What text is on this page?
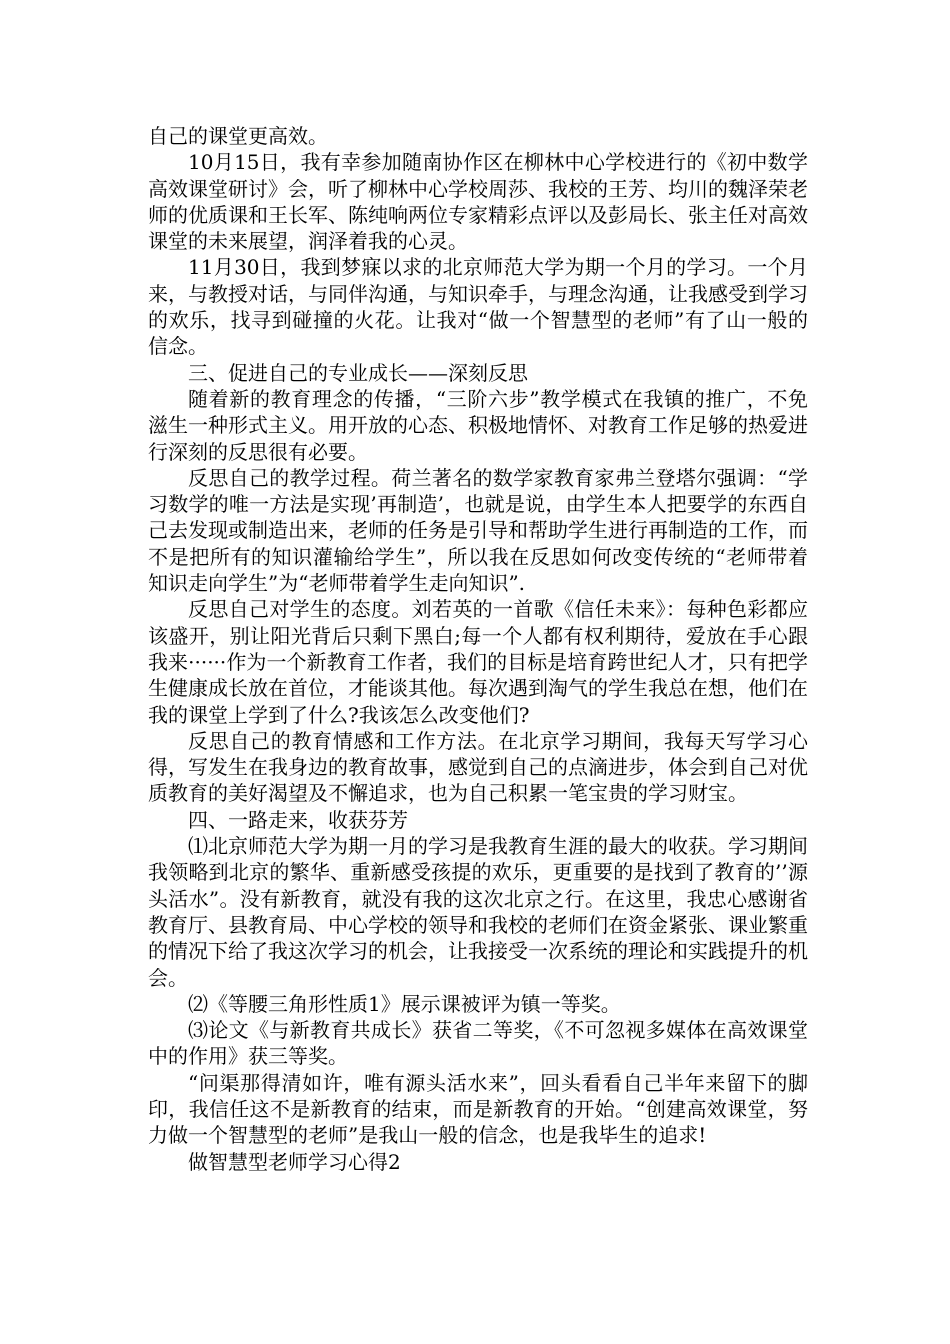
自己的课堂更高效。

10月15日，我有幸参加随南协作区在柳林中心学校进行的《初中数学高效课堂研讨》会，听了柳林中心学校周莎、我校的王芳、均川的魏泽荣老师的优质课和王长军、陈纯响两位专家精彩点评以及彭局长、张主任对高效课堂的未来展望，润泽着我的心灵。

11月30日，我到梦寐以求的北京师范大学为期一个月的学习。一个月来，与教授对话，与同伴沟通，与知识牵手，与理念沟通，让我感受到学习的欢乐，找寻到碰撞的火花。让我对“做一个智慧型的老师”有了山一般的信念。

三、促进自己的专业成长——深刻反思

随着新的教育理念的传播，“三阶六步”教学模式在我镇的推广，不免滋生一种形式主义。用开放的心态、积极地情怀、对教育工作足够的热爱进行深刻的反思很有必要。

反思自己的教学过程。荷兰著名的数学家教育家弗兰登塔尔强调：“学习数学的唯一方法是实现’再制造’，也就是说，由学生本人把要学的东西自己去发现或制造出来，老师的任务是引导和帮助学生进行再制造的工作，而不是把所有的知识灌输给学生”，所以我在反思如何改变传统的“老师带着知识走向学生”为“老师带着学生走向知识”.

反思自己对学生的态度。刘若英的一首歌《信任未来》：每种色彩都应该盛开，别让阳光背后只剩下黑白;每一个人都有权利期待，爱放在手心跟我来······作为一个新教育工作者，我们的目标是培育跨世纪人才，只有把学生健康成长放在首位，才能谈其他。每次遇到淘气的学生我总在想，他们在我的课堂上学到了什么?我该怎么改变他们?

反思自己的教育情感和工作方法。在北京学习期间，我每天写学习心得，写发生在我身边的教育故事，感觉到自己的点滴进步，体会到自己对优质教育的美好渴望及不懈追求，也为自己积累一笔宝贵的学习财宝。

四、一路走来，收获芬芳

⑴北京师范大学为期一月的学习是我教育生涯的最大的收获。学习期间我领略到北京的繁华、重新感受孩提的欢乐，更重要的是找到了教育的’’源头活水”。没有新教育，就没有我的这次北京之行。在这里，我忠心感谢省教育厅、县教育局、中心学校的领导和我校的老师们在资金紧张、课业繁重的情况下给了我这次学习的机会，让我接受一次系统的理论和实践提升的机会。

⑵《等腰三角形性质1》展示课被评为镇一等奖。

⑶论文《与新教育共成长》获省二等奖，《不可忽视多媒体在高效课堂中的作用》获三等奖。

“问渠那得清如许，唯有源头活水来”，回头看看自己半年来留下的脚印，我信任这不是新教育的结束，而是新教育的开始。“创建高效课堂，努力做一个智慧型的老师”是我山一般的信念，也是我毕生的追求!

做智慧型老师学习心得2
